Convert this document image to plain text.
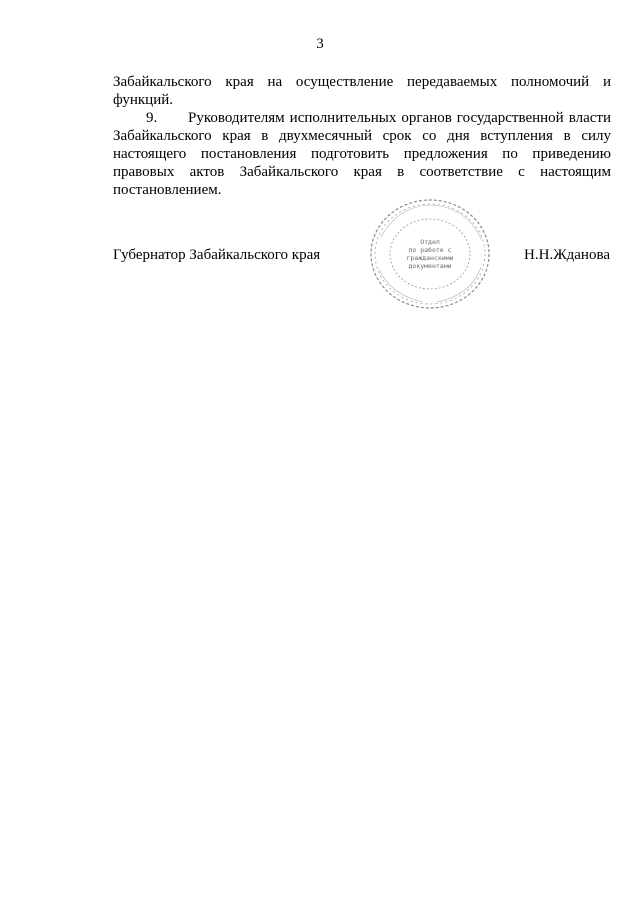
3
Забайкальского края на осуществление передаваемых полномочий и
функций.
9. Руководителям исполнительных органов государственной власти
Забайкальского края в двухмесячный срок со дня вступления в силу
настоящего постановления подготовить предложения по приведению
правовых актов Забайкальского края в соответствие с настоящим
постановлением.
Губернатор Забайкальского края	Н.Н.Жданова
Отдел
по работе с
гражданскими
документами
